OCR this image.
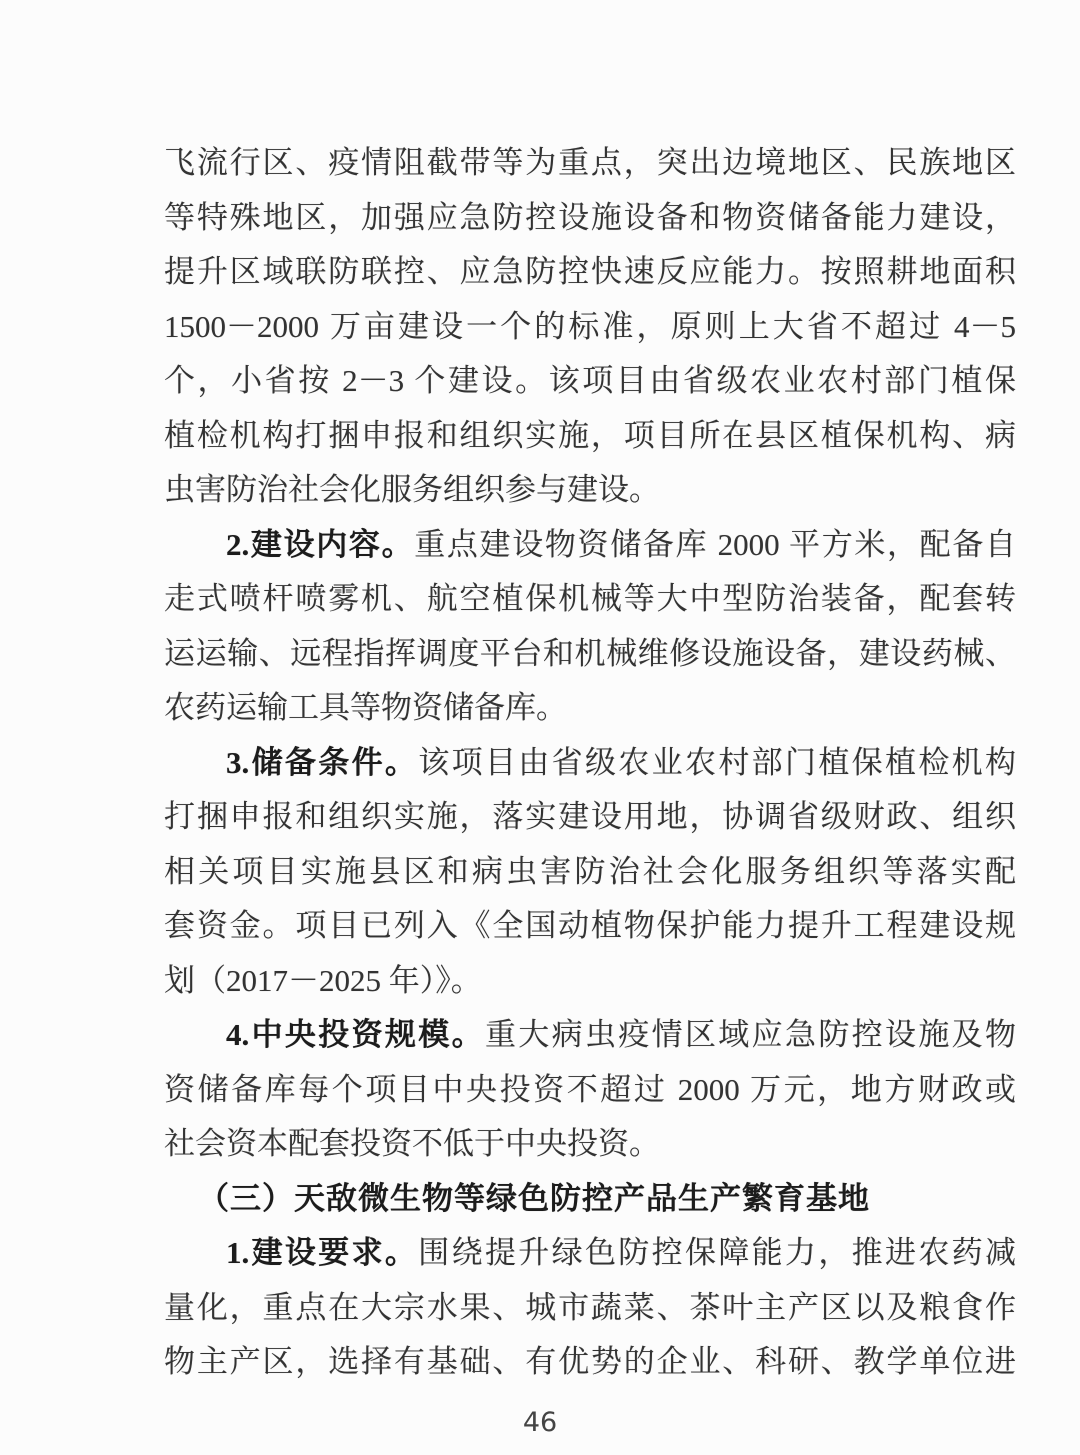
飞流行区、疫情阻截带等为重点，突出边境地区、民族地区
等特殊地区，加强应急防控设施设备和物资储备能力建设，
提升区域联防联控、应急防控快速反应能力。按照耕地面积
1500－2000 万亩建设一个的标准，原则上大省不超过 4－5
个，小省按 2－3 个建设。该项目由省级农业农村部门植保
植检机构打捆申报和组织实施，项目所在县区植保机构、病
虫害防治社会化服务组织参与建设。
2.建设内容。重点建设物资储备库 2000 平方米，配备自
走式喷杆喷雾机、航空植保机械等大中型防治装备，配套转
运运输、远程指挥调度平台和机械维修设施设备，建设药械、
农药运输工具等物资储备库。
3.储备条件。该项目由省级农业农村部门植保植检机构
打捆申报和组织实施，落实建设用地，协调省级财政、组织
相关项目实施县区和病虫害防治社会化服务组织等落实配
套资金。项目已列入《全国动植物保护能力提升工程建设规
划（2017－2025 年）》。
4.中央投资规模。重大病虫疫情区域应急防控设施及物
资储备库每个项目中央投资不超过 2000 万元，地方财政或
社会资本配套投资不低于中央投资。
（三）天敌微生物等绿色防控产品生产繁育基地
1.建设要求。围绕提升绿色防控保障能力，推进农药减
量化，重点在大宗水果、城市蔬菜、茶叶主产区以及粮食作
物主产区，选择有基础、有优势的企业、科研、教学单位进
46
